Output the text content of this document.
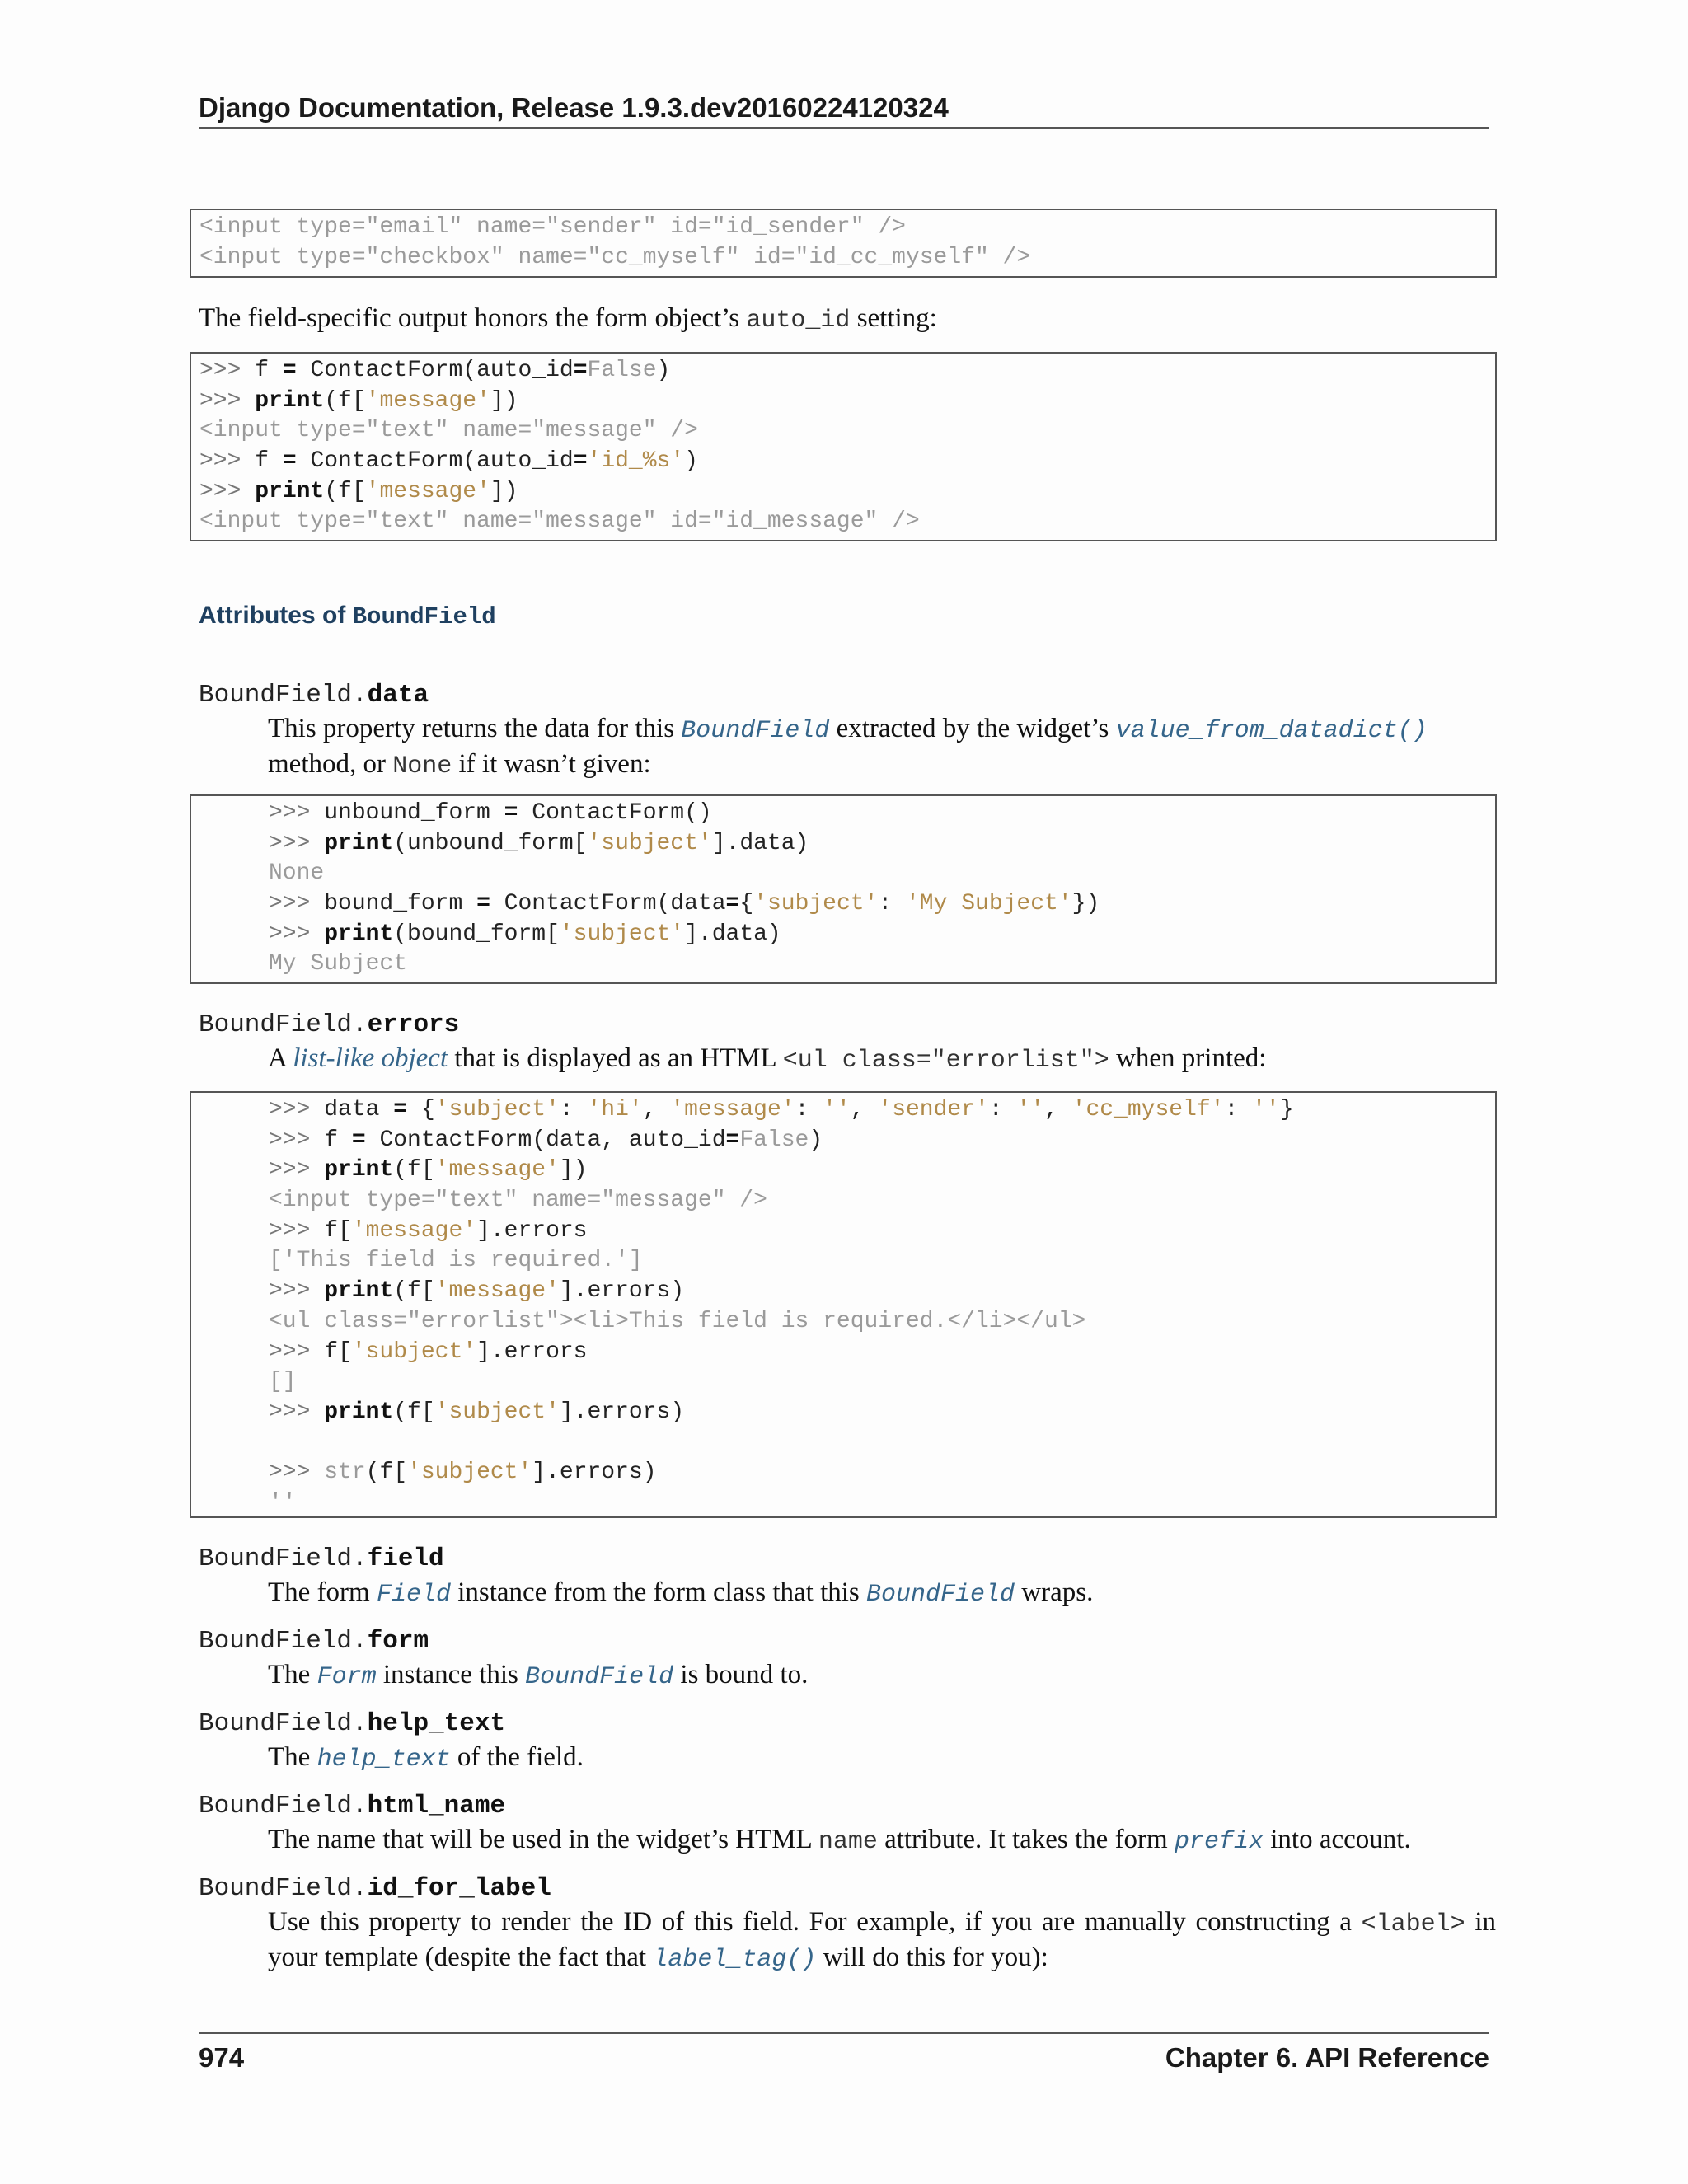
Django Documentation, Release 1.9.3.dev20160224120324
<input type="email" name="sender" id="id_sender" />
<input type="checkbox" name="cc_myself" id="id_cc_myself" />
The field-specific output honors the form object’s auto_id setting:
>>> f = ContactForm(auto_id=False)
>>> print(f['message'])
<input type="text" name="message" />
>>> f = ContactForm(auto_id='id_%s')
>>> print(f['message'])
<input type="text" name="message" id="id_message" />
Attributes of BoundField
BoundField.data
This property returns the data for this BoundField extracted by the widget’s value_from_datadict()
method, or None if it wasn’t given:
>>> unbound_form = ContactForm()
>>> print(unbound_form['subject'].data)
None
>>> bound_form = ContactForm(data={'subject': 'My Subject'})
>>> print(bound_form['subject'].data)
My Subject
BoundField.errors
A list-like object that is displayed as an HTML <ul class="errorlist"> when printed:
>>> data = {'subject': 'hi', 'message': '', 'sender': '', 'cc_myself': ''}
>>> f = ContactForm(data, auto_id=False)
>>> print(f['message'])
<input type="text" name="message" />
>>> f['message'].errors
['This field is required.']
>>> print(f['message'].errors)
<ul class="errorlist"><li>This field is required.</li></ul>
>>> f['subject'].errors
[]
>>> print(f['subject'].errors)
>>> str(f['subject'].errors)
''
BoundField.field
The form Field instance from the form class that this BoundField wraps.
BoundField.form
The Form instance this BoundField is bound to.
BoundField.help_text
The help_text of the field.
BoundField.html_name
The name that will be used in the widget’s HTML name attribute. It takes the form prefix into account.
BoundField.id_for_label
Use this property to render the ID of this field. For example, if you are manually constructing a <label> in your template (despite the fact that label_tag() will do this for you):
974	Chapter 6. API Reference
